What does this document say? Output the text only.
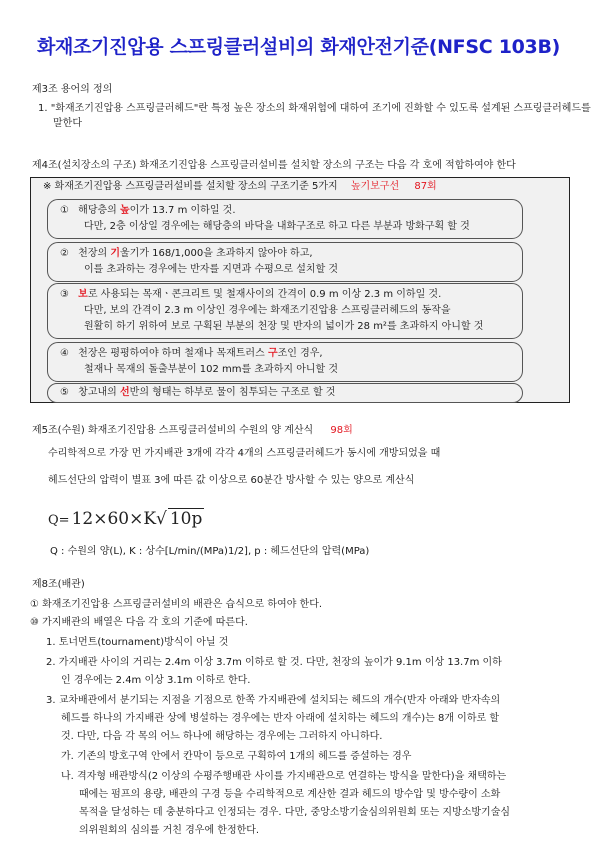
화재조기진압용 스프링클러설비의 화재안전기준(NFSC 103B)
제3조 용어의 정의
1. "화재조기진압용 스프링클러헤드"란 특정 높은 장소의 화재위험에 대하여 조기에 진화할 수 있도록 설계된 스프링클러헤드를
말한다
제4조(설치장소의 구조) 화재조기진압용 스프링클러설비를 설치할 장소의 구조는 다음 각 호에 적합하여야 한다
※ 화재조기진압용 스프링클러설비를 설치할 장소의 구조기준 5가지 높기보구선 87회
① 해당층의 높이가 13.7 m 이하일 것.
다만, 2층 이상일 경우에는 해당층의 바닥을 내화구조로 하고 다른 부분과 방화구획 할 것
② 천장의 기울기가 168/1,000을 초과하지 않아야 하고,
이를 초과하는 경우에는 반자를 지면과 수평으로 설치할 것
③ 보로 사용되는 목재ㆍ콘크리트 및 철재사이의 간격이 0.9 m 이상 2.3 m 이하일 것.
다만, 보의 간격이 2.3 m 이상인 경우에는 화재조기진압용 스프링클러헤드의 동작을
원활히 하기 위하여 보로 구획된 부분의 천장 및 반자의 넓이가 28 m²를 초과하지 아니할 것
④ 천장은 평평하여야 하며 철재나 목재트러스 구조인 경우,
철재나 목재의 돌출부분이 102 mm를 초과하지 아니할 것
⑤ 창고내의 선반의 형태는 하부로 물이 침투되는 구조로 할 것
제5조(수원) 화재조기진압용 스프링클러설비의 수원의 양 계산식 98회
수리학적으로 가장 먼 가지배관 3개에 각각 4개의 스프링클러헤드가 동시에 개방되었을 때
헤드선단의 압력이 별표 3에 따른 값 이상으로 60분간 방사할 수 있는 양으로 계산식
Q= 12×60×K√ 10p
Q : 수원의 양(L), K : 상수[L/min/(MPa)1/2], p : 헤드선단의 압력(MPa)
제8조(배관)
① 화재조기진압용 스프링클러설비의 배관은 습식으로 하여야 한다.
⑩ 가지배관의 배열은 다음 각 호의 기준에 따른다.
1. 토너먼트(tournament)방식이 아닐 것
2. 가지배관 사이의 거리는 2.4m 이상 3.7m 이하로 할 것. 다만, 천장의 높이가 9.1m 이상 13.7m 이하
인 경우에는 2.4m 이상 3.1m 이하로 한다.
3. 교차배관에서 분기되는 지점을 기점으로 한쪽 가지배관에 설치되는 헤드의 개수(반자 아래와 반자속의
헤드를 하나의 가지배관 상에 병설하는 경우에는 반자 아래에 설치하는 헤드의 개수)는 8개 이하로 할
것. 다만, 다음 각 목의 어느 하나에 해당하는 경우에는 그러하지 아니하다.
가. 기존의 방호구역 안에서 칸막이 등으로 구획하여 1개의 헤드를 증설하는 경우
나. 격자형 배관방식(2 이상의 수평주행배관 사이를 가지배관으로 연결하는 방식을 말한다)을 채택하는
때에는 펌프의 용량, 배관의 구경 등을 수리학적으로 계산한 결과 헤드의 방수압 및 방수량이 소화
목적을 달성하는 데 충분하다고 인정되는 경우. 다만, 중앙소방기술심의위원회 또는 지방소방기술심
의위원회의 심의를 거친 경우에 한정한다.
